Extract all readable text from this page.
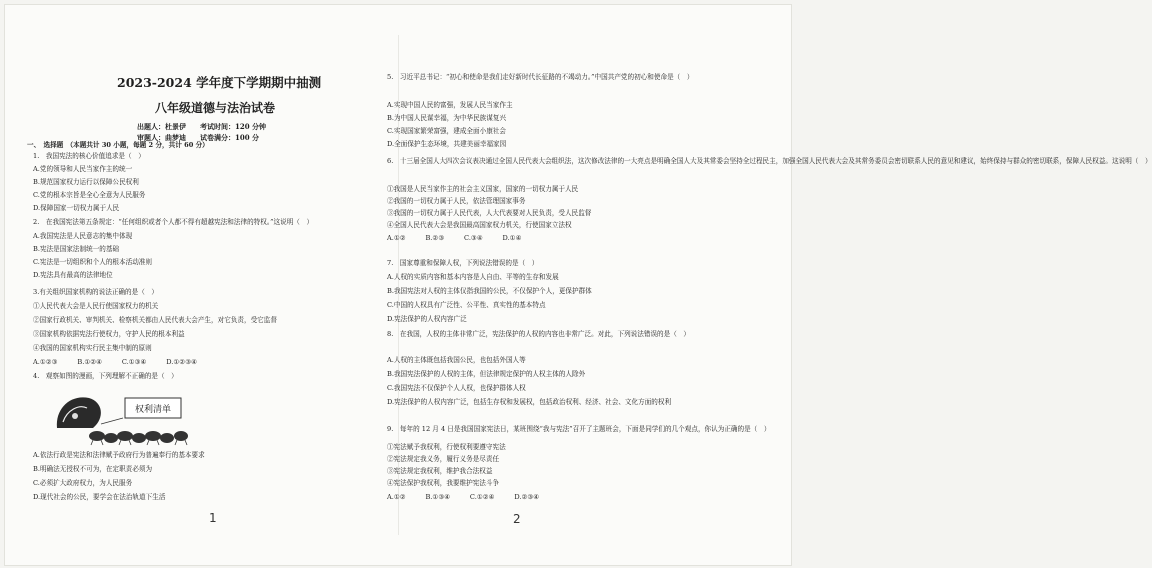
2023-2024 学年度下学期期中抽测
八年级道德与法治试卷
出题人：杜景伊　　考试时间：120 分钟
审题人：曲梦迪　　试卷满分：100 分
一、　选择题　（本题共计 30 小题，每题 2 分，共计 60 分）
1.　我国宪法的核心价值追求是（　）
A.党的领导和人民当家作主的统一
B.规范国家权力运行以保障公民权利
C.党的根本宗旨是全心全意为人民服务
D.保障国家一切权力属于人民
2.　在我国宪法第五条规定：“任何组织或者个人都不得有超越宪法和法律的特权。”这说明（　）
A.我国宪法是人民意志的集中体现
B.宪法是国家法制统一的基础
C.宪法是一切组织和个人的根本活动准则
D.宪法具有最高的法律地位
3.有关组织国家机构的说法正确的是（　）
①人民代表大会是人民行使国家权力的机关
②国家行政机关、审判机关、检察机关都由人民代表大会产生，对它负责，受它监督
③国家机构依据宪法行使权力，守护人民的根本利益
④我国的国家机构实行民主集中制的原则
A.①②③　　　B.①②④　　　C.①③④　　　D.①②③④
4.　观察如图的漫画，下列理解不正确的是（　）
权利清单
A.依法行政是宪法和法律赋予政府行为普遍奉行的基本要求
B.明确法无授权不可为，在定职责必须为
C.必须扩大政府权力，为人民服务
D.现代社会的公民，要学会在法治轨道下生活
1
5.　习近平总书记：“初心和使命是我们走好新时代长征路的不竭动力。”中国共产党的初心和使命是（　）
A.实现中国人民的富强，发展人民当家作主
B.为中国人民谋幸福，为中华民族谋复兴
C.实现国家繁荣富强，建成全面小康社会
D.全面保护生态环境，共建美丽幸福家园
6.　十三届全国人大四次会议表决通过全国人民代表大会组织法，这次修改法律的一大亮点是明确全国人大及其常委会坚持全过程民主，加强全国人民代表大会及其常务委员会密切联系人民的意见和建议，始终保持与群众的密切联系，保障人民权益。这说明（　）
①我国是人民当家作主的社会主义国家，国家的一切权力属于人民
②我国的一切权力属于人民，依法管理国家事务
③我国的一切权力属于人民代表，人大代表要对人民负责，受人民监督
④全国人民代表大会是我国最高国家权力机关，行使国家立法权
A.①②　　　B.②③　　　C.③④　　　D.①④
7.　国家尊重和保障人权，下列说法错误的是（　）
A.人权的实质内容和基本内容是人自由、平等的生存和发展
B.我国宪法对人权的主体仅指我国的公民，不仅保护个人，更保护群体
C.中国的人权具有广泛性、公平性、真实性的基本特点
D.宪法保护的人权内容广泛
8.　在我国，人权的主体非常广泛，宪法保护的人权的内容也非常广泛。对此，下列说法错误的是（　）
A.人权的主体既包括我国公民，也包括外国人等
B.我国宪法保护的人权的主体，但法律规定保护的人权主体的人除外
C.我国宪法不仅保护个人人权，也保护群体人权
D.宪法保护的人权内容广泛，包括生存权和发展权，包括政治权利、经济、社会、文化方面的权利
9.　每年的 12 月 4 日是我国国家宪法日，某班围绕“我与宪法”召开了主题班会，下面是同学们的几个观点，你认为正确的是（　）
①宪法赋予我权利，行使权利要遵守宪法
②宪法规定我义务，履行义务是尽责任
③宪法规定我权利，维护我合法权益
④宪法保护我权利，我要维护宪法斗争
A.①②　　　B.①③④　　　C.①②④　　　D.②③④
2
